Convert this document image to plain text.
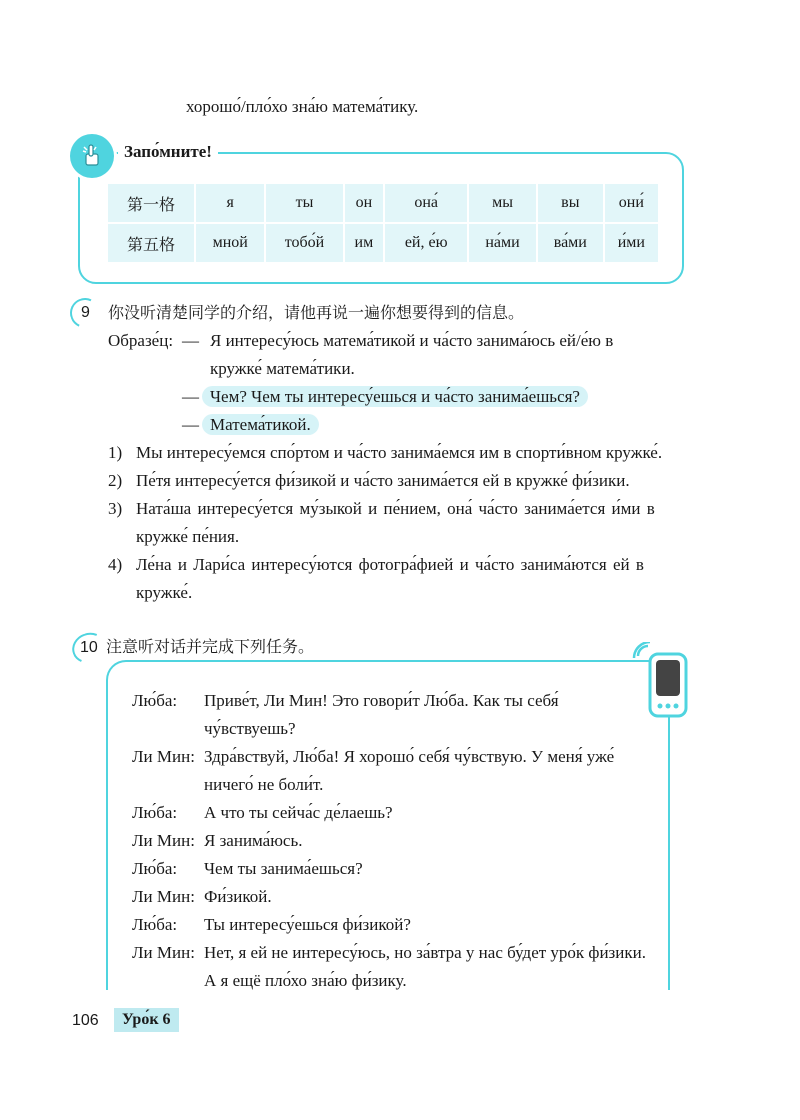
хорошо́/пло́хо зна́ю матема́тику.
Запо́мните!
第一格	я	ты	он	она́	мы	вы	они́
第五格	мной	тобо́й	им	ей, е́ю	на́ми	ва́ми	и́ми
9	你没听清楚同学的介绍，请他再说一遍你想要得到的信息。
Образе́ц: — Я интересу́юсь матема́тикой и ча́сто занима́юсь ей/е́ю в
кружке́ матема́тики.
— Чем? Чем ты интересу́ешься и ча́сто занима́ешься?
— Матема́тикой.
1) Мы интересу́емся спо́ртом и ча́сто занима́емся им в спорти́вном кружке́.
2) Пе́тя интересу́ется фи́зикой и ча́сто занима́ется ей в кружке́ фи́зики.
3) Ната́ша интересу́ется му́зыкой и пе́нием, она́ ча́сто занима́ется и́ми в
кружке́ пе́ния.
4) Ле́на и Лари́са интересу́ются фотогра́фией и ча́сто занима́ются ей в
кружке́.
10 注意听对话并完成下列任务。
Лю́ба: Приве́т, Ли Мин! Это говори́т Лю́ба. Как ты себя́
чу́вствуешь?
Ли Мин: Здра́вствуй, Лю́ба! Я хорошо́ себя́ чу́вствую. У меня́ уже́
ничего́ не боли́т.
Лю́ба: А что ты сейча́с де́лаешь?
Ли Мин: Я занима́юсь.
Лю́ба: Чем ты занима́ешься?
Ли Мин: Фи́зикой.
Лю́ба: Ты интересу́ешься фи́зикой?
Ли Мин: Нет, я ей не интересу́юсь, но за́втра у нас бу́дет уро́к фи́зики.
А я ещё пло́хо зна́ю фи́зику.
106	Уро́к 6
